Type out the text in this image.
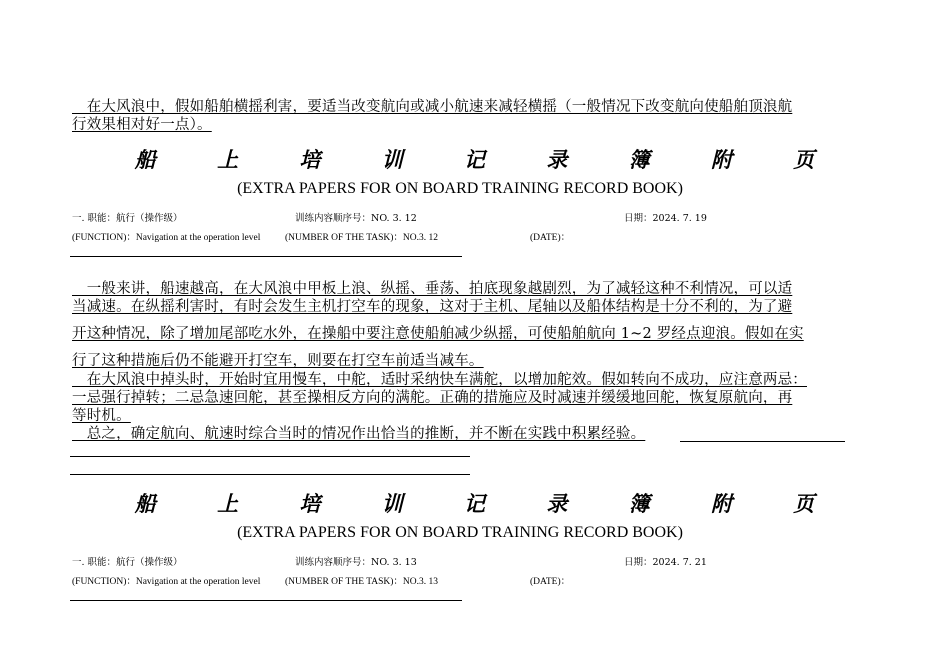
　在大风浪中，假如船舶横摇利害，要适当改变航向或减小航速来减轻横摇（一般情况下改变航向使船舶顶浪航
行效果相对好一点）。
船	上	培	训	记	录	簿	附	页
(EXTRA PAPERS FOR ON BOARD TRAINING RECORD BOOK)
一. 职能：航行（操作级）	训练内容顺序号：NO. 3. 12	日期：2024. 7. 19
(FUNCTION)：Navigation at the operation level	(NUMBER OF THE TASK)：NO.3. 12	(DATE)：
　一般来讲，船速越高，在大风浪中甲板上浪、纵摇、垂荡、拍底现象越剧烈，为了减轻这种不利情况，可以适
当减速。在纵摇利害时，有时会发生主机打空车的现象，这对于主机、尾轴以及船体结构是十分不利的，为了避
开这种情况，除了增加尾部吃水外，在操船中要注意使船舶减少纵摇，可使船舶航向 1~2 罗经点迎浪。假如在实
行了这种措施后仍不能避开打空车，则要在打空车前适当减车。
　在大风浪中掉头时，开始时宜用慢车，中舵，适时采纳快车满舵，以增加舵效。假如转向不成功，应注意两忌：
一忌强行掉转；二忌急速回舵，甚至操相反方向的满舵。正确的措施应及时减速并缓缓地回舵，恢复原航向，再
等时机。
　总之，确定航向、航速时综合当时的情况作出恰当的推断，并不断在实践中积累经验。
船	上	培	训	记	录	簿	附	页
(EXTRA PAPERS FOR ON BOARD TRAINING RECORD BOOK)
一. 职能：航行（操作级）	训练内容顺序号：NO. 3. 13	日期：2024. 7. 21
(FUNCTION)：Navigation at the operation level	(NUMBER OF THE TASK)：NO.3. 13	(DATE)：
